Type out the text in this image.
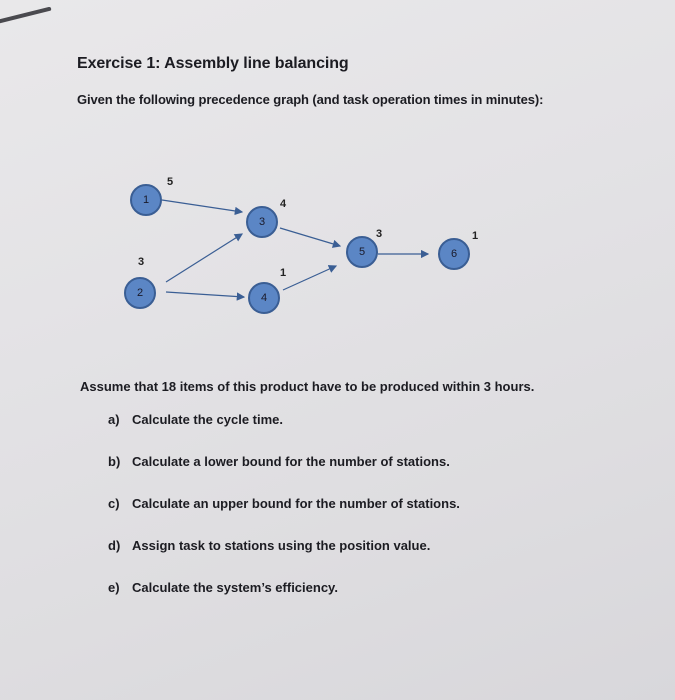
Exercise 1: Assembly line balancing

Given the following precedence graph (and task operation times in minutes):

1
5
2
3
3
4
4
1
5
3
6
1

Assume that 18 items of this product have to be produced within 3 hours.

a) Calculate the cycle time.
b) Calculate a lower bound for the number of stations.
c) Calculate an upper bound for the number of stations.
d) Assign task to stations using the position value.
e) Calculate the system’s efficiency.
